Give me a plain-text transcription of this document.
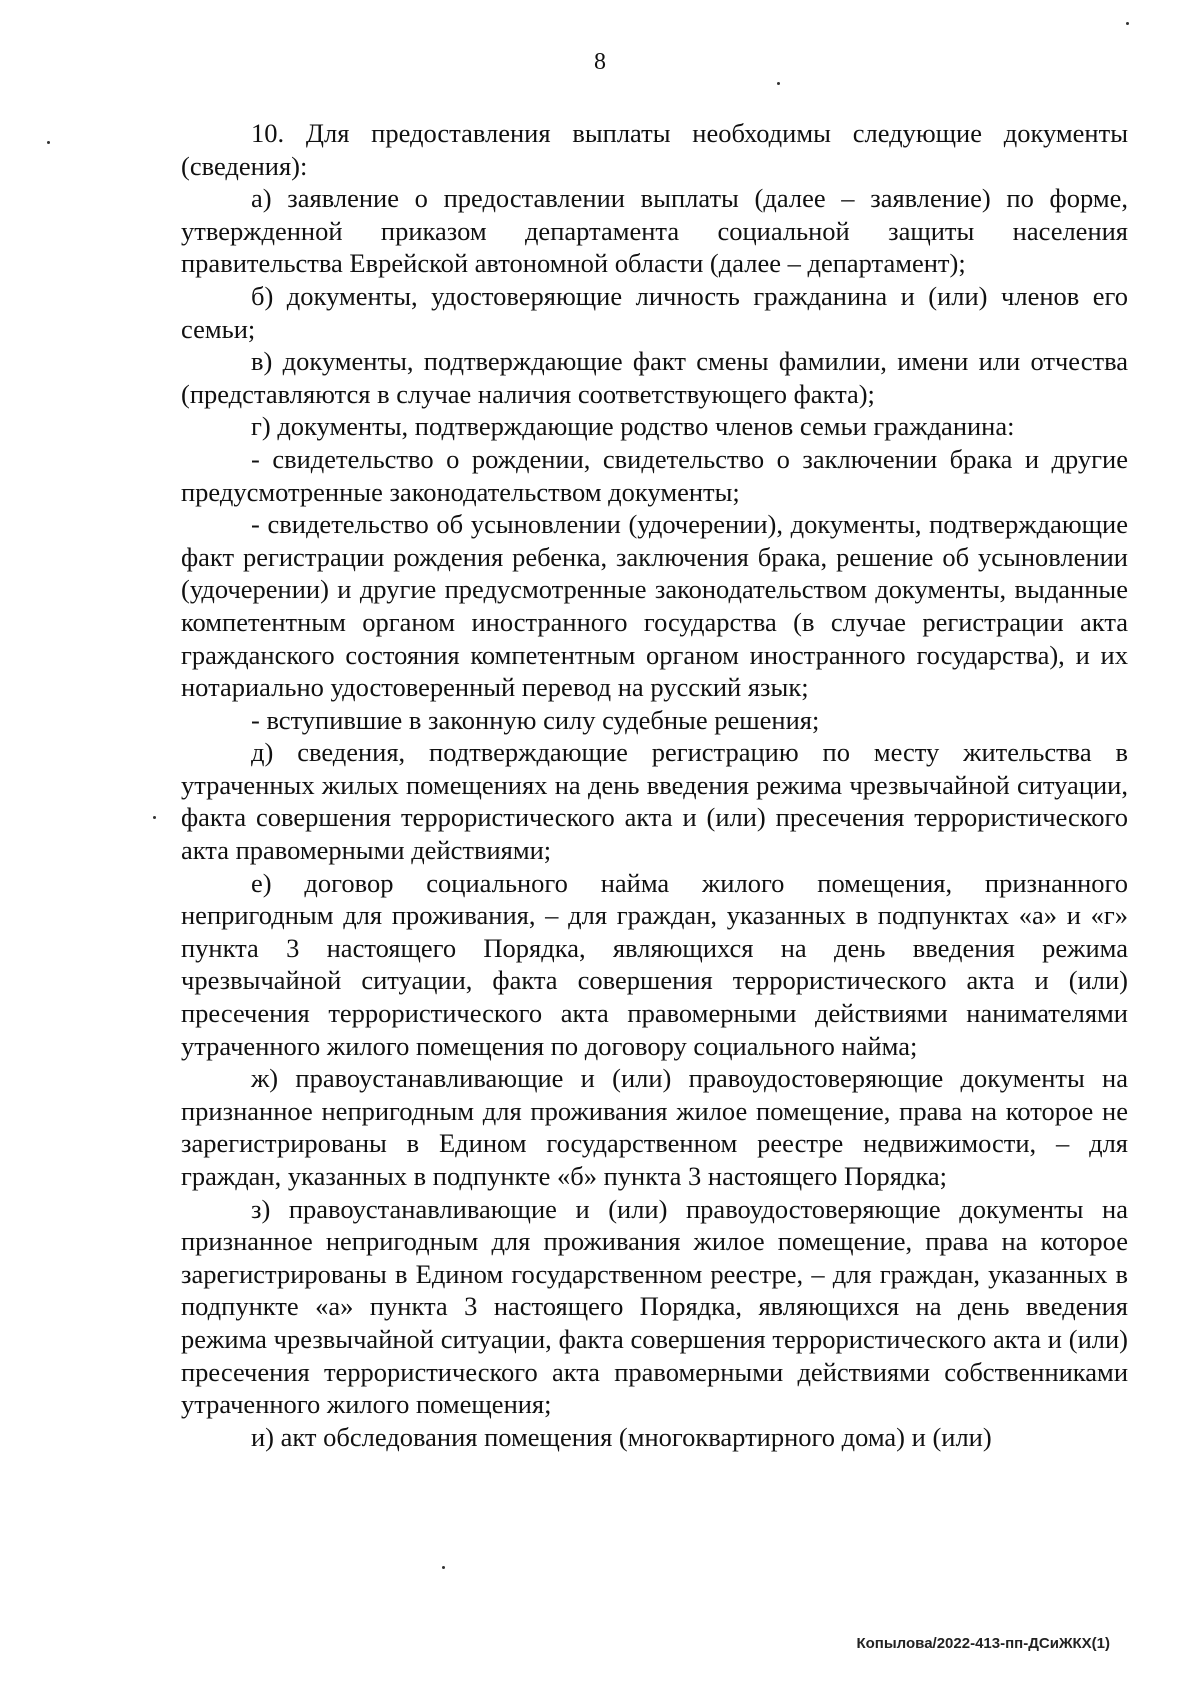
8

10. Для предоставления выплаты необходимы следующие документы (сведения):

а) заявление о предоставлении выплаты (далее – заявление) по форме, утвержденной приказом департамента социальной защиты населения правительства Еврейской автономной области (далее – департамент);

б) документы, удостоверяющие личность гражданина и (или) членов его семьи;

в) документы, подтверждающие факт смены фамилии, имени или отчества (представляются в случае наличия соответствующего факта);

г) документы, подтверждающие родство членов семьи гражданина:

- свидетельство о рождении, свидетельство о заключении брака и другие предусмотренные законодательством документы;

- свидетельство об усыновлении (удочерении), документы, подтверждающие факт регистрации рождения ребенка, заключения брака, решение об усыновлении (удочерении) и другие предусмотренные законодательством документы, выданные компетентным органом иностранного государства (в случае регистрации акта гражданского состояния компетентным органом иностранного государства), и их нотариально удостоверенный перевод на русский язык;

- вступившие в законную силу судебные решения;

д) сведения, подтверждающие регистрацию по месту жительства в утраченных жилых помещениях на день введения режима чрезвычайной ситуации, факта совершения террористического акта и (или) пресечения террористического акта правомерными действиями;

е) договор социального найма жилого помещения, признанного непригодным для проживания, – для граждан, указанных в подпунктах «а» и «г» пункта 3 настоящего Порядка, являющихся на день введения режима чрезвычайной ситуации, факта совершения террористического акта и (или) пресечения террористического акта правомерными действиями нанимателями утраченного жилого помещения по договору социального найма;

ж) правоустанавливающие и (или) правоудостоверяющие документы на признанное непригодным для проживания жилое помещение, права на которое не зарегистрированы в Едином государственном реестре недвижимости, – для граждан, указанных в подпункте «б» пункта 3 настоящего Порядка;

з) правоустанавливающие и (или) правоудостоверяющие документы на признанное непригодным для проживания жилое помещение, права на которое зарегистрированы в Едином государственном реестре, – для граждан, указанных в подпункте «а» пункта 3 настоящего Порядка, являющихся на день введения режима чрезвычайной ситуации, факта совершения террористического акта и (или) пресечения террористического акта правомерными действиями собственниками утраченного жилого помещения;

и) акт обследования помещения (многоквартирного дома) и (или)

Копылова/2022-413-пп-ДСиЖКХ(1)
